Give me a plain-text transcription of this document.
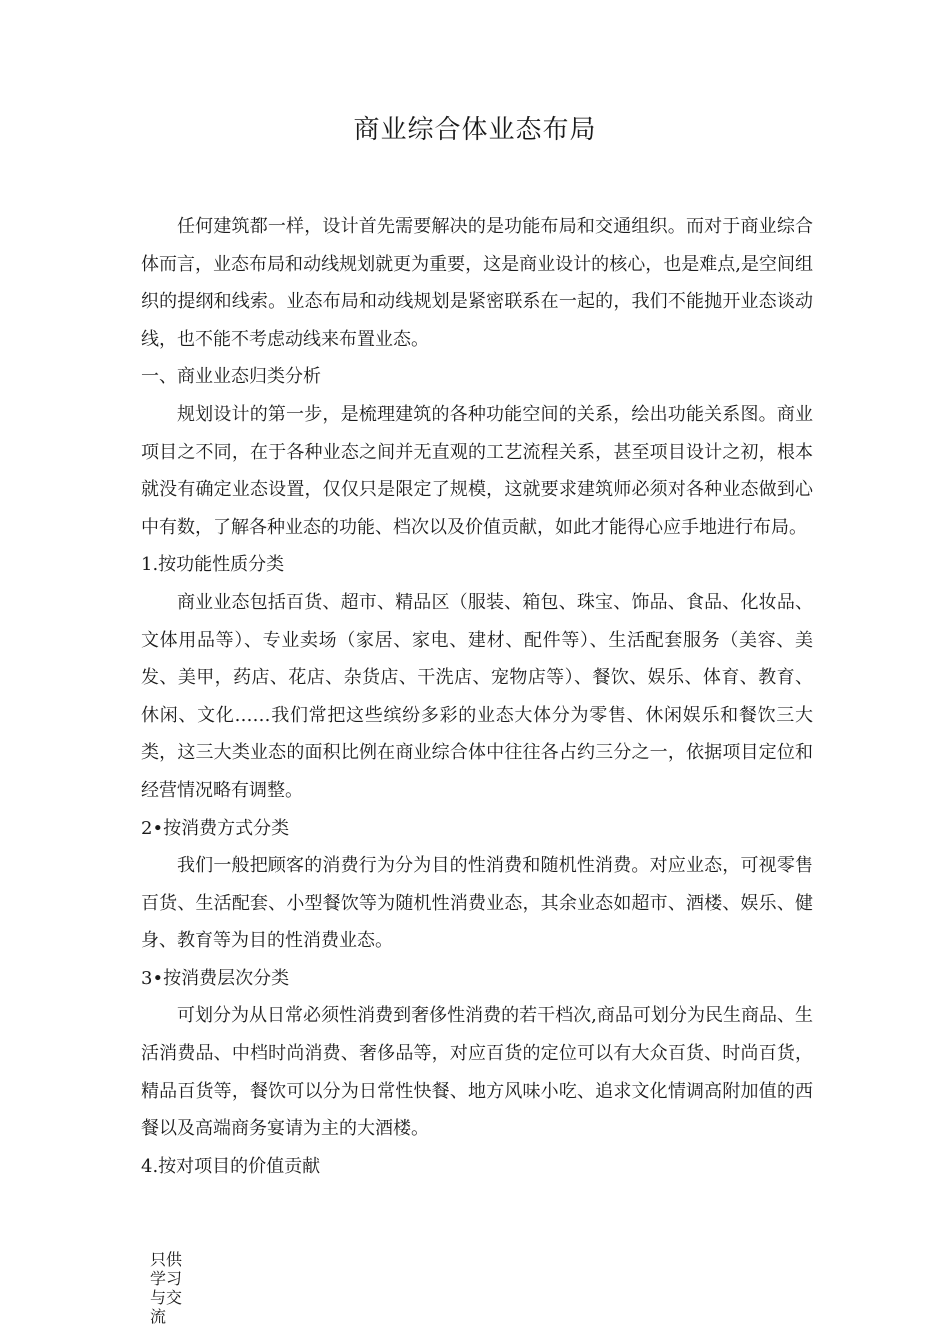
商业综合体业态布局

任何建筑都一样，设计首先需要解决的是功能布局和交通组织。而对于商业综合体而言，业态布局和动线规划就更为重要，这是商业设计的核心，也是难点,是空间组织的提纲和线索。业态布局和动线规划是紧密联系在一起的，我们不能抛开业态谈动线，也不能不考虑动线来布置业态。

一、商业业态归类分析

规划设计的第一步，是梳理建筑的各种功能空间的关系，绘出功能关系图。商业项目之不同，在于各种业态之间并无直观的工艺流程关系，甚至项目设计之初，根本就没有确定业态设置，仅仅只是限定了规模，这就要求建筑师必须对各种业态做到心中有数，了解各种业态的功能、档次以及价值贡献，如此才能得心应手地进行布局。

1.按功能性质分类

商业业态包括百货、超市、精品区（服装、箱包、珠宝、饰品、食品、化妆品、文体用品等）、专业卖场（家居、家电、建材、配件等）、生活配套服务（美容、美发、美甲，药店、花店、杂货店、干洗店、宠物店等）、餐饮、娱乐、体育、教育、休闲、文化……我们常把这些缤纷多彩的业态大体分为零售、休闲娱乐和餐饮三大类，这三大类业态的面积比例在商业综合体中往往各占约三分之一，依据项目定位和经营情况略有调整。

2•按消费方式分类

我们一般把顾客的消费行为分为目的性消费和随机性消费。对应业态，可视零售百货、生活配套、小型餐饮等为随机性消费业态，其余业态如超市、酒楼、娱乐、健身、教育等为目的性消费业态。

3•按消费层次分类

可划分为从日常必须性消费到奢侈性消费的若干档次,商品可划分为民生商品、生活消费品、中档时尚消费、奢侈品等，对应百货的定位可以有大众百货、时尚百货，精品百货等，餐饮可以分为日常性快餐、地方风味小吃、追求文化情调高附加值的西餐以及高端商务宴请为主的大酒楼。

4.按对项目的价值贡献

只供学习与交流
